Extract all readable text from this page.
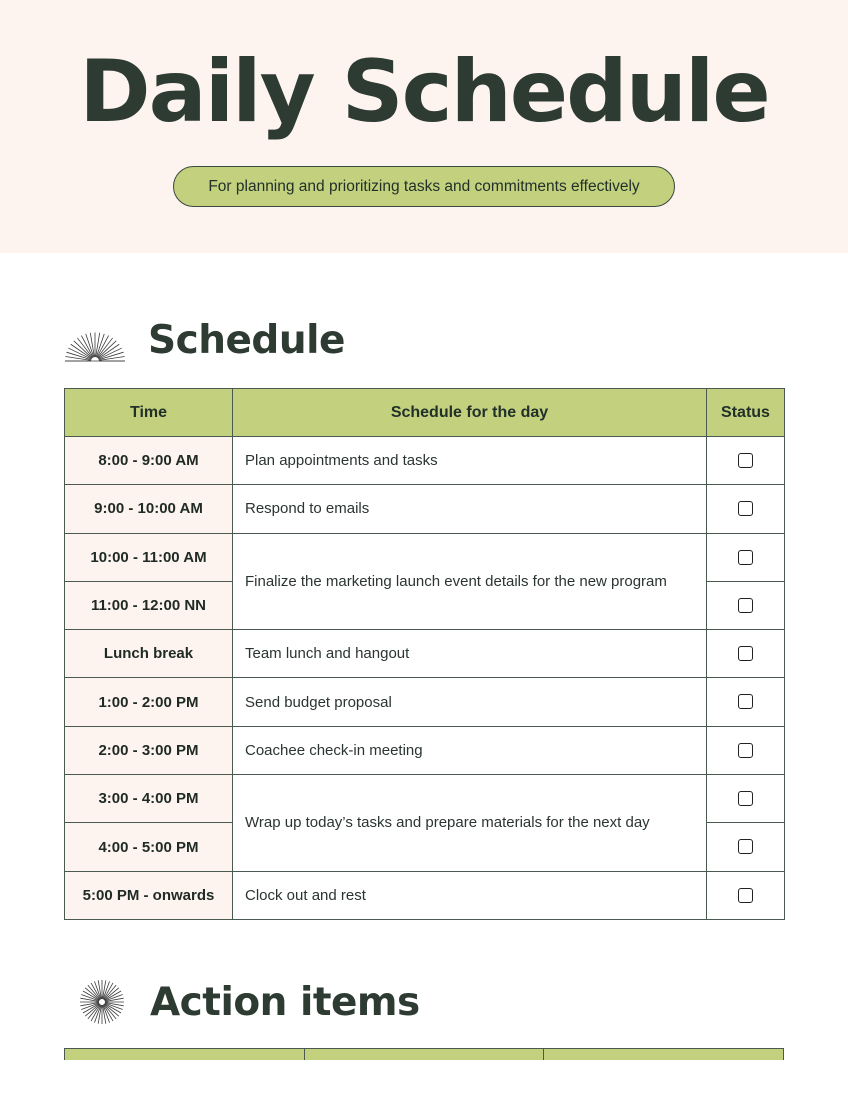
Daily Schedule
For planning and prioritizing tasks and commitments effectively
Schedule
Time	Schedule for the day	Status
8:00 - 9:00 AM	Plan appointments and tasks	
9:00 - 10:00 AM	Respond to emails	
10:00 - 11:00 AM	Finalize the marketing launch event details for the new program	
11:00 - 12:00 NN		
Lunch break	Team lunch and hangout	
1:00 - 2:00 PM	Send budget proposal	
2:00 - 3:00 PM	Coachee check-in meeting	
3:00 - 4:00 PM	Wrap up today’s tasks and prepare materials for the next day	
4:00 - 5:00 PM		
5:00 PM - onwards	Clock out and rest	
Action items
